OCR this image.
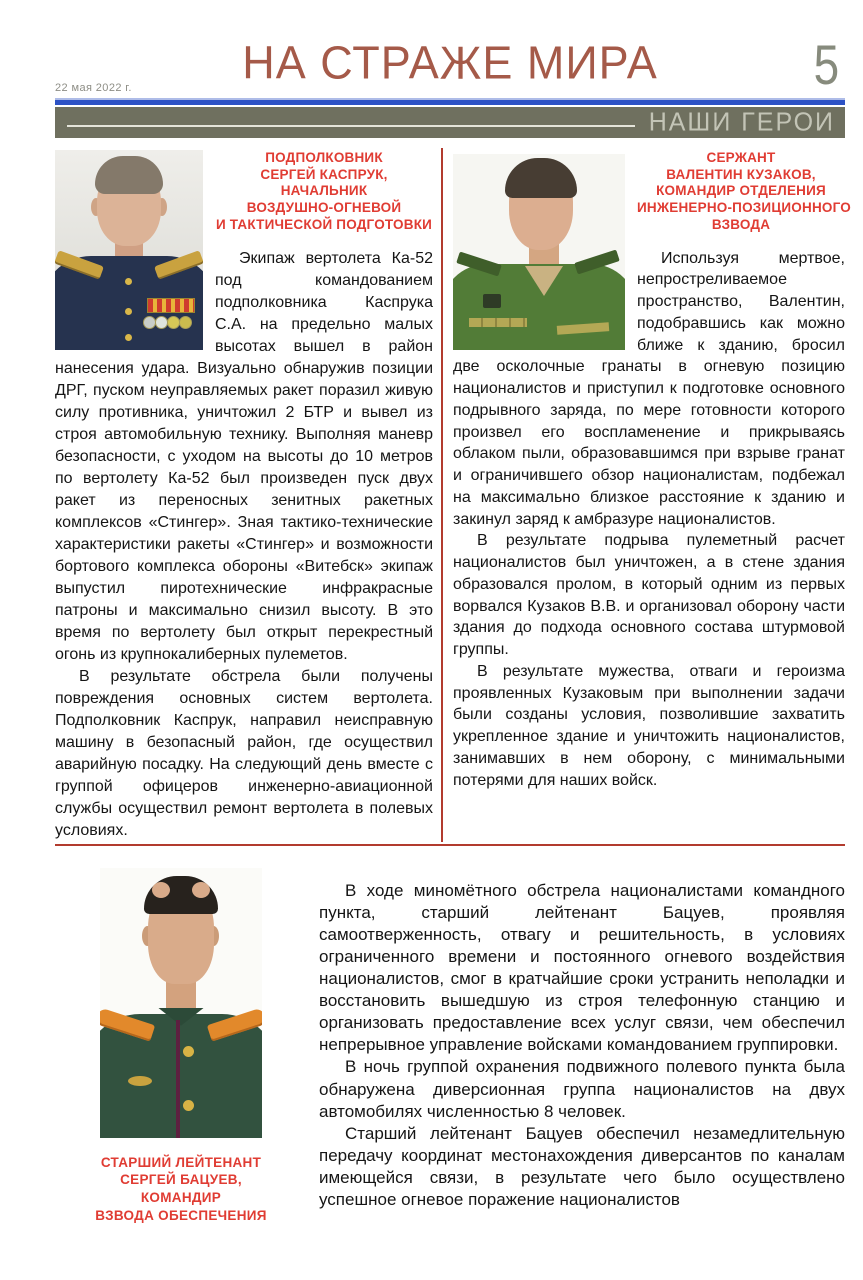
22 мая 2022 г.	НА СТРАЖЕ МИРА	5
НАШИ ГЕРОИ
ПОДПОЛКОВНИК
СЕРГЕЙ КАСПРУК,
НАЧАЛЬНИК
ВОЗДУШНО-ОГНЕВОЙ
И ТАКТИЧЕСКОЙ ПОДГОТОВКИ

Экипаж вертолета Ка-52 под командованием подполковника Каспрука С.А. на предельно малых высотах вышел в район нанесения удара. Визуально обнаружив позиции ДРГ, пуском неуправляемых ракет поразил живую силу противника, уничтожил 2 БТР и вывел из строя автомобильную технику. Выполняя маневр безопасности, с уходом на высоты до 10 метров по вертолету Ка-52 был произведен пуск двух ракет из переносных зенитных ракетных комплексов «Стингер». Зная тактико-технические характеристики ракеты «Стингер» и возможности бортового комплекса обороны «Витебск» экипаж выпустил пиротехнические инфракрасные патроны и максимально снизил высоту. В это время по вертолету был открыт перекрестный огонь из крупнокалиберных пулеметов.

В результате обстрела были получены повреждения основных систем вертолета. Подполковник Каспрук, направил неисправную машину в безопасный район, где осуществил аварийную посадку. На следующий день вместе с группой офицеров инженерно-авиационной службы осуществил ремонт вертолета в полевых условиях.

СЕРЖАНТ
ВАЛЕНТИН КУЗАКОВ,
КОМАНДИР ОТДЕЛЕНИЯ
ИНЖЕНЕРНО-ПОЗИЦИОННОГО
ВЗВОДА

Используя мертвое, непростреливаемое пространство, Валентин, подобравшись как можно ближе к зданию, бросил две осколочные гранаты в огневую позицию националистов и приступил к подготовке основного подрывного заряда, по мере готовности которого произвел его воспламенение и прикрываясь облаком пыли, образовавшимся при взрыве гранат и ограничившего обзор националистам, подбежал на максимально близкое расстояние к зданию и закинул заряд к амбразуре националистов.

В результате подрыва пулеметный расчет националистов был уничтожен, а в стене здания образовался пролом, в который одним из первых ворвался Кузаков В.В. и организовал оборону части здания до подхода основного состава штурмовой группы.

В результате мужества, отваги и героизма проявленных Кузаковым при выполнении задачи были созданы условия, позволившие захватить укрепленное здание и уничтожить националистов, занимавших в нем оборону, с минимальными потерями для наших войск.

СТАРШИЙ ЛЕЙТЕНАНТ
СЕРГЕЙ БАЦУЕВ,
КОМАНДИР
ВЗВОДА ОБЕСПЕЧЕНИЯ

В ходе миномётного обстрела националистами командного пункта, старший лейтенант Бацуев, проявляя самоотверженность, отвагу и решительность, в условиях ограниченного времени и постоянного огневого воздействия националистов, смог в кратчайшие сроки устранить неполадки и восстановить вышедшую из строя телефонную станцию и организовать предоставление всех услуг связи, чем обеспечил непрерывное управление войсками командованием группировки.

В ночь группой охранения подвижного полевого пункта была обнаружена диверсионная группа националистов на двух автомобилях численностью 8 человек.

Старший лейтенант Бацуев обеспечил незамедлительную передачу координат местонахождения диверсантов по каналам имеющейся связи, в результате чего было осуществлено успешное огневое поражение националистов
